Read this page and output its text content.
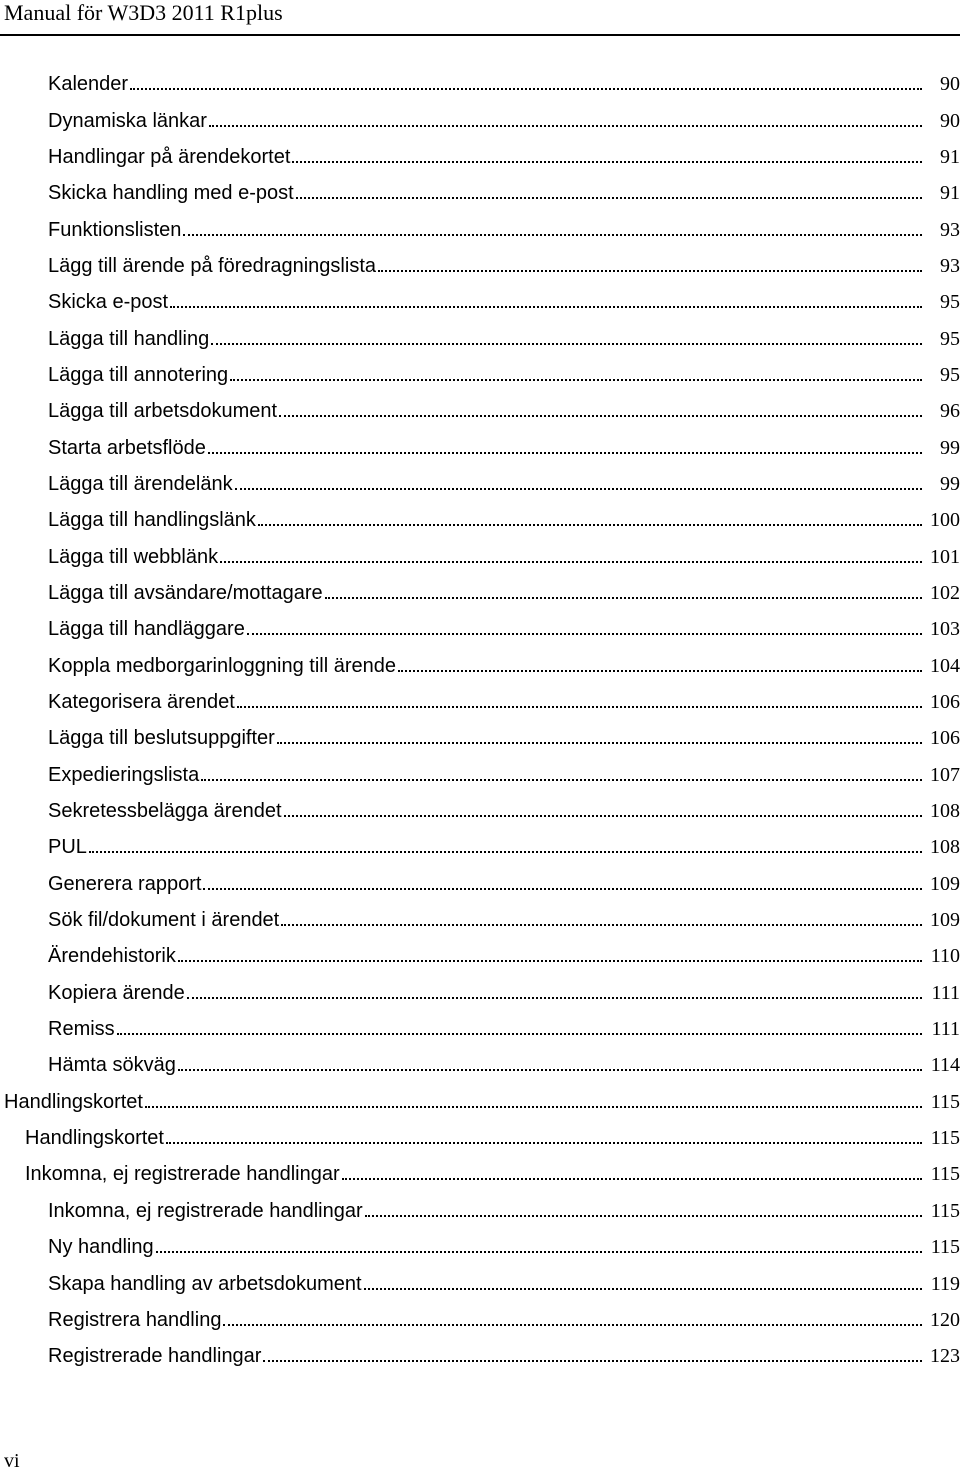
Manual för W3D3 2011 R1plus
Kalender	90
Dynamiska länkar	90
Handlingar på ärendekortet	91
Skicka handling med e-post	91
Funktionslisten	93
Lägg till ärende på föredragningslista	93
Skicka e-post	95
Lägga till handling	95
Lägga till annotering	95
Lägga till arbetsdokument	96
Starta arbetsflöde	99
Lägga till ärendelänk	99
Lägga till handlingslänk	100
Lägga till webblänk	101
Lägga till avsändare/mottagare	102
Lägga till handläggare	103
Koppla medborgarinloggning till ärende	104
Kategorisera ärendet	106
Lägga till beslutsuppgifter	106
Expedieringslista	107
Sekretessbelägga ärendet	108
PUL	108
Generera rapport	109
Sök fil/dokument i ärendet	109
Ärendehistorik	110
Kopiera ärende	111
Remiss	111
Hämta sökväg	114
Handlingskortet	115
Handlingskortet	115
Inkomna, ej registrerade handlingar	115
Inkomna, ej registrerade handlingar	115
Ny handling	115
Skapa handling av arbetsdokument	119
Registrera handling	120
Registrerade handlingar	123
vi
